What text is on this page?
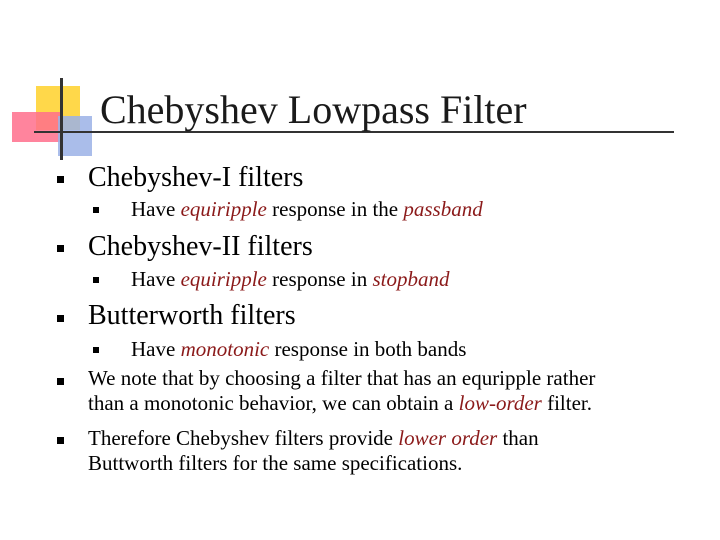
Chebyshev Lowpass Filter
Chebyshev-I filters
Have equiripple response in the passband
Chebyshev-II filters
Have equiripple response in stopband
Butterworth filters
Have monotonic response in both bands
We note that by choosing a filter that has an equripple rather
than a monotonic behavior, we can obtain a low-order filter.
Therefore Chebyshev filters provide lower order than
Buttworth filters for the same specifications.
